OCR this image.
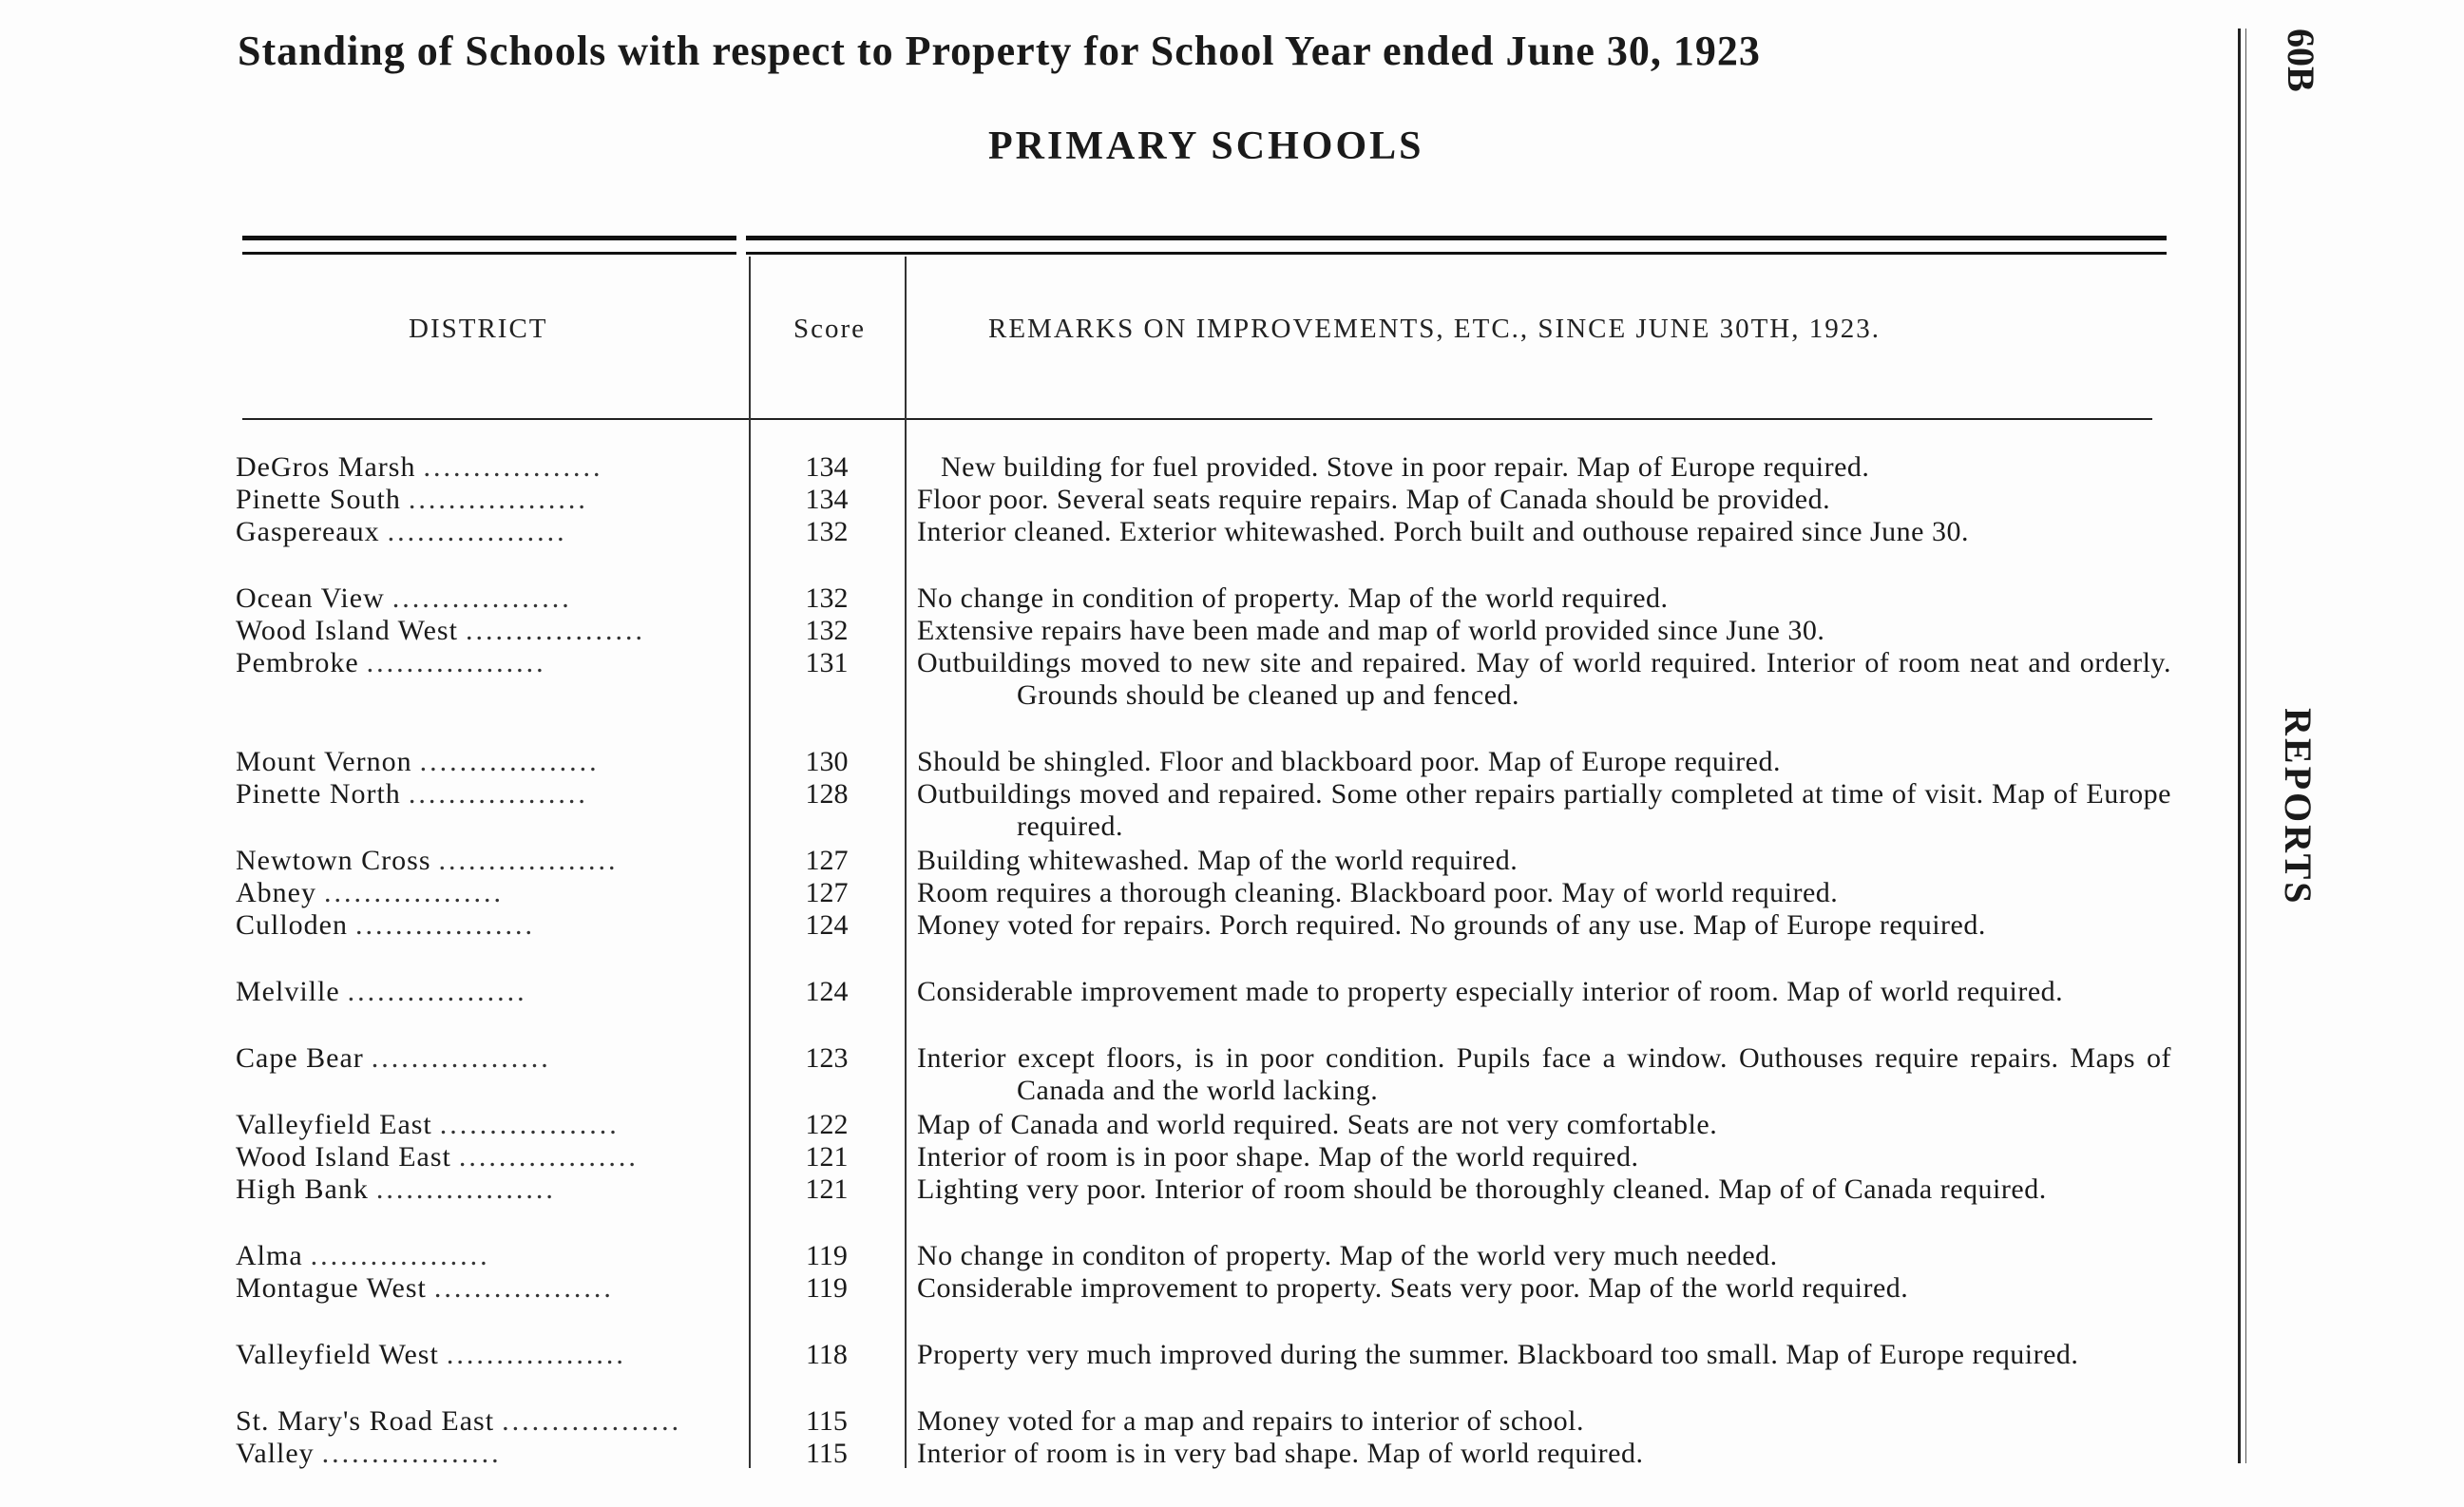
Standing of Schools with respect to Property for School Year ended June 30, 1923
PRIMARY SCHOOLS
60B
REPORTS
DISTRICT	Score	REMARKS ON IMPROVEMENTS, ETC., SINCE JUNE 30TH, 1923.
DeGros Marsh ..................	134	New building for fuel provided. Stove in poor repair. Map of Europe required.
Pinette South ..................	134	Floor poor. Several seats require repairs. Map of Canada should be provided.
Gaspereaux ..................	132	Interior cleaned. Exterior whitewashed. Porch built and outhouse repaired since June 30.
Ocean View ..................	132	No change in condition of property. Map of the world required.
Wood Island West ..................	132	Extensive repairs have been made and map of world provided since June 30.
Pembroke ..................	131	Outbuildings moved to new site and repaired. May of world required. Interior of room neat and orderly. Grounds should be cleaned up and fenced.
Mount Vernon ..................	130	Should be shingled. Floor and blackboard poor. Map of Europe required.
Pinette North ..................	128	Outbuildings moved and repaired. Some other repairs partially completed at time of visit. Map of Europe required.
Newtown Cross ..................	127	Building whitewashed. Map of the world required.
Abney ..................	127	Room requires a thorough cleaning. Blackboard poor. May of world required.
Culloden ..................	124	Money voted for repairs. Porch required. No grounds of any use. Map of Europe required.
Melville ..................	124	Considerable improvement made to property especially interior of room. Map of world required.
Cape Bear ..................	123	Interior except floors, is in poor condition. Pupils face a window. Outhouses require repairs. Maps of Canada and the world lacking.
Valleyfield East ..................	122	Map of Canada and world required. Seats are not very comfortable.
Wood Island East ..................	121	Interior of room is in poor shape. Map of the world required.
High Bank ..................	121	Lighting very poor. Interior of room should be thoroughly cleaned. Map of of Canada required.
Alma ..................	119	No change in conditon of property. Map of the world very much needed.
Montague West ..................	119	Considerable improvement to property. Seats very poor. Map of the world required.
Valleyfield West ..................	118	Property very much improved during the summer. Blackboard too small. Map of Europe required.
St. Mary's Road East ..................	115	Money voted for a map and repairs to interior of school.
Valley ..................	115	Interior of room is in very bad shape. Map of world required.
